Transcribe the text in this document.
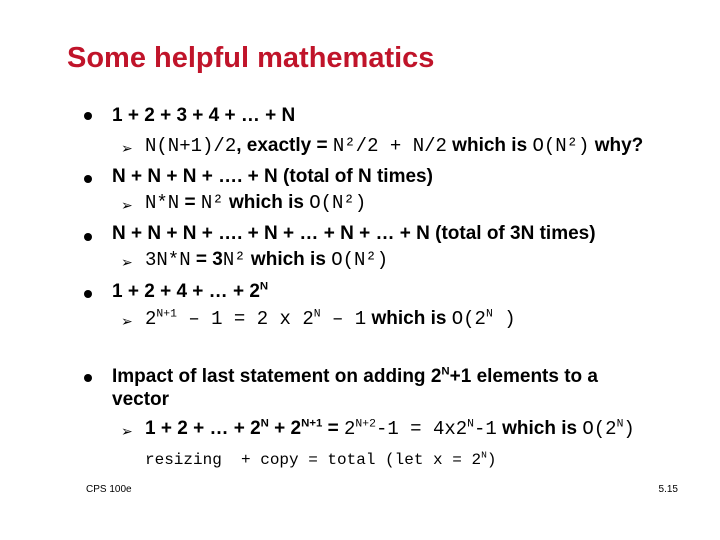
Some helpful mathematics
1 + 2 + 3 + 4 + … + N
➢ N(N+1)/2, exactly = N²/2 + N/2 which is O(N²) why?
N + N + N + …. + N (total of N times)
➢ N*N = N² which is O(N²)
N + N + N + …. + N + … + N + … + N (total of 3N times)
➢ 3N*N = 3N² which is O(N²)
1 + 2 + 4 + … + $2^N$
➢ $2^{N+1} - 1 = 2$ x $2^N - 1$ which is $O(2^N$ )
Impact of last statement on adding $2^N+1$ elements to a
vector
➢ 1 + 2 + … + $2^N + 2^{N+1} = 2^{N+2}-1 = 4x2^N-1$ which is $O(2^N)$
resizing  + copy = total (let $x = 2^N$)
CPS 100e	5.15
